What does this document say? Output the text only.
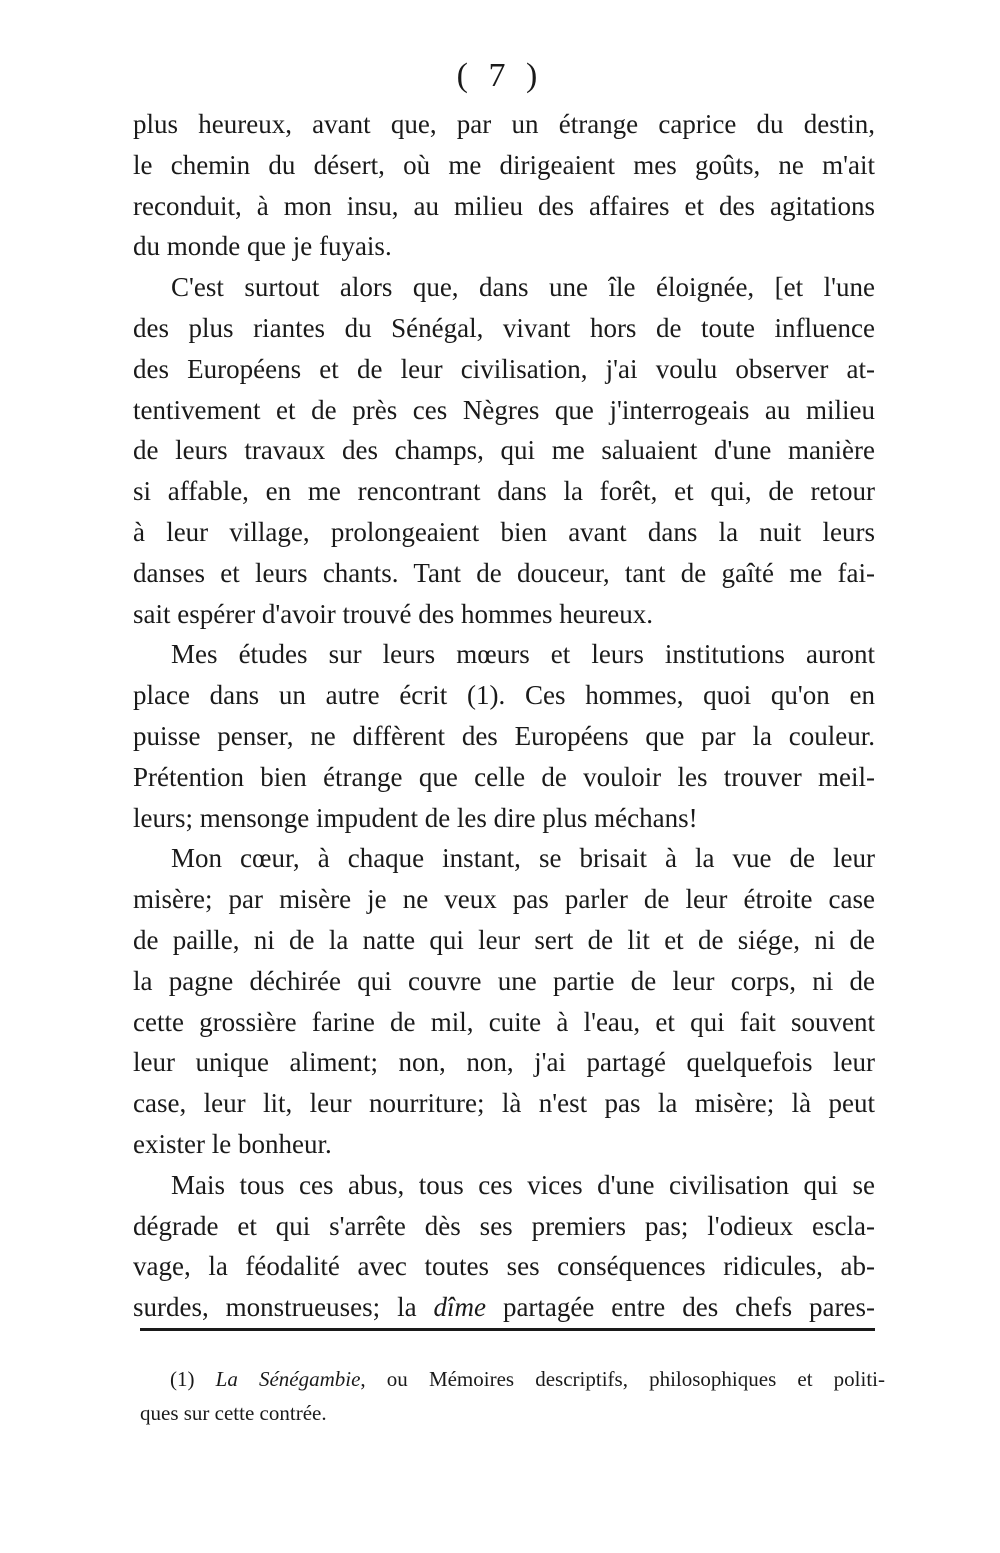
( 7 )
plus heureux, avant que, par un étrange caprice du destin,
le chemin du désert, où me dirigeaient mes goûts, ne m'ait
reconduit, à mon insu, au milieu des affaires et des agitations
du monde que je fuyais.
C'est surtout alors que, dans une île éloignée, [et l'une
des plus riantes du Sénégal, vivant hors de toute influence
des Européens et de leur civilisation, j'ai voulu observer at-
tentivement et de près ces Nègres que j'interrogeais au milieu
de leurs travaux des champs, qui me saluaient d'une manière
si affable, en me rencontrant dans la forêt, et qui, de retour
à leur village, prolongeaient bien avant dans la nuit leurs
danses et leurs chants. Tant de douceur, tant de gaîté me fai-
sait espérer d'avoir trouvé des hommes heureux.
Mes études sur leurs mœurs et leurs institutions auront
place dans un autre écrit (1). Ces hommes, quoi qu'on en
puisse penser, ne diffèrent des Européens que par la couleur.
Prétention bien étrange que celle de vouloir les trouver meil-
leurs; mensonge impudent de les dire plus méchans!
Mon cœur, à chaque instant, se brisait à la vue de leur
misère; par misère je ne veux pas parler de leur étroite case
de paille, ni de la natte qui leur sert de lit et de siége, ni de
la pagne déchirée qui couvre une partie de leur corps, ni de
cette grossière farine de mil, cuite à l'eau, et qui fait souvent
leur unique aliment; non, non, j'ai partagé quelquefois leur
case, leur lit, leur nourriture; là n'est pas la misère; là peut
exister le bonheur.
Mais tous ces abus, tous ces vices d'une civilisation qui se
dégrade et qui s'arrête dès ses premiers pas; l'odieux escla-
vage, la féodalité avec toutes ses conséquences ridicules, ab-
surdes, monstrueuses; la dîme partagée entre des chefs pares-
(1) La Sénégambie, ou Mémoires descriptifs, philosophiques et politi-
ques sur cette contrée.
